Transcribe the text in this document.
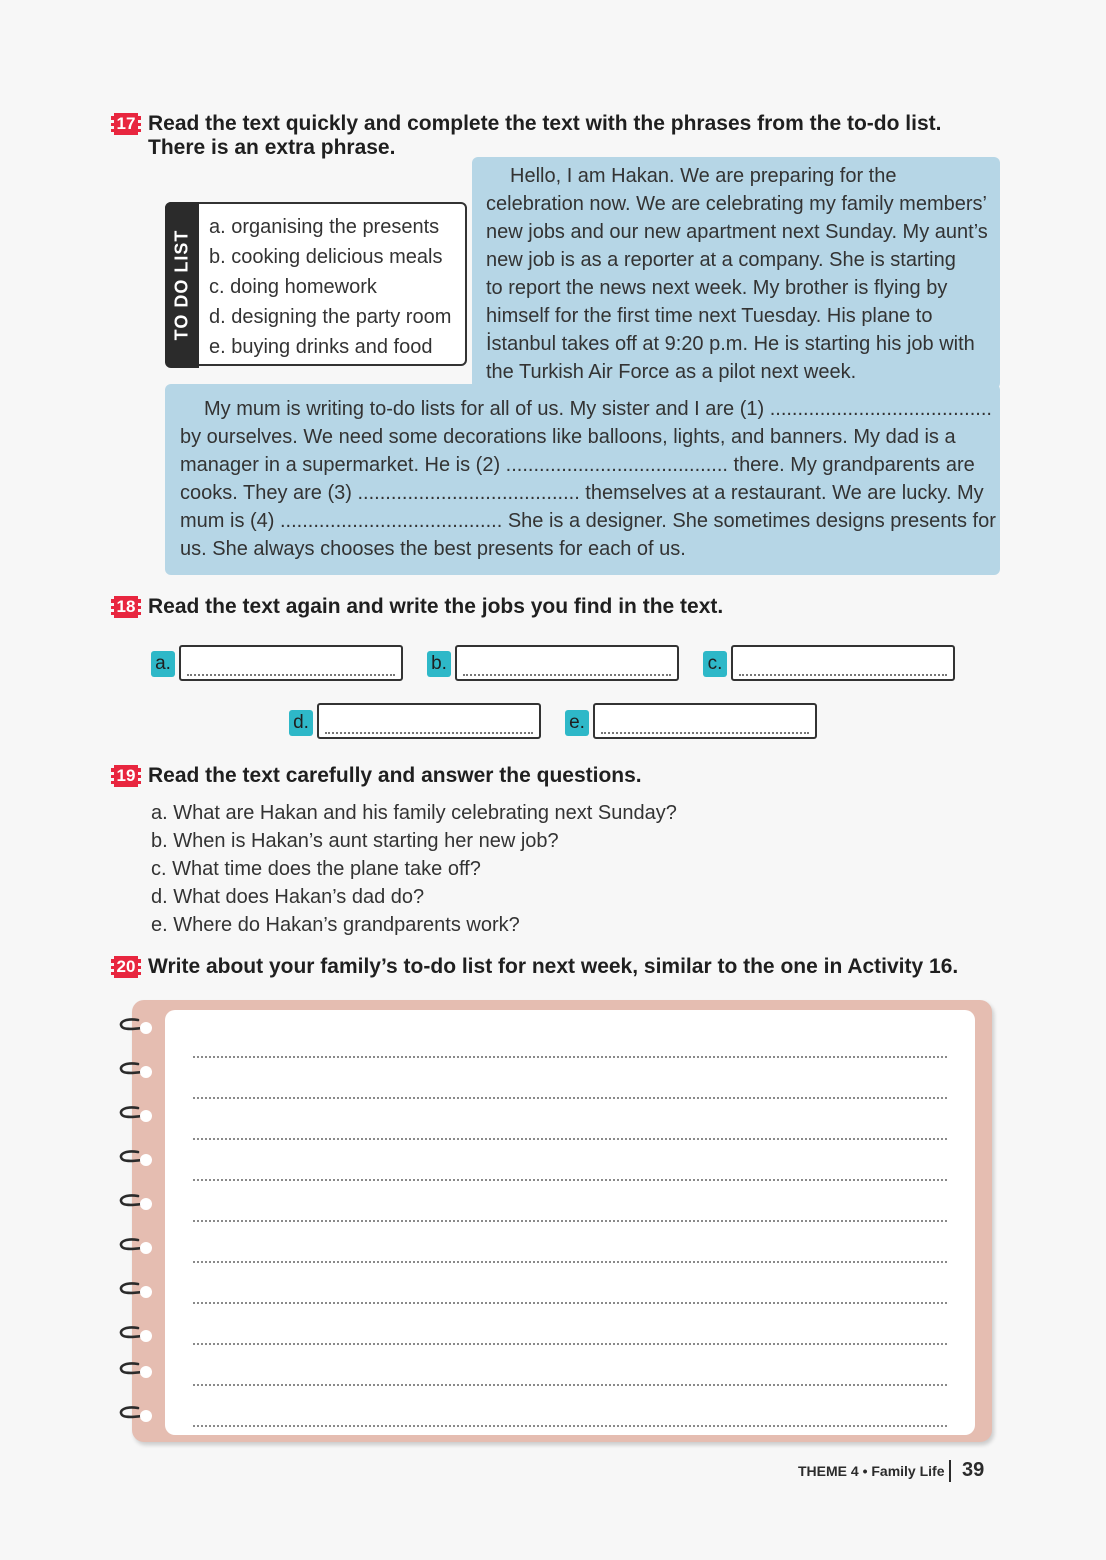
17 Read the text quickly and complete the text with the phrases from the to-do list.
There is an extra phrase.
Hello, I am Hakan. We are preparing for the
celebration now. We are celebrating my family members’
new jobs and our new apartment next Sunday. My aunt’s
new job is as a reporter at a company. She is starting
to report the news next week. My brother is flying by
himself for the first time next Tuesday. His plane to
İstanbul takes off at 9:20 p.m. He is starting his job with
the Turkish Air Force as a pilot next week.
My mum is writing to-do lists for all of us. My sister and I are (1) ........................................
by ourselves. We need some decorations like balloons, lights, and banners. My dad is a
manager in a supermarket. He is (2) ........................................ there. My grandparents are
cooks. They are (3) ........................................ themselves at a restaurant. We are lucky. My
mum is (4) ........................................ She is a designer. She sometimes designs presents for
us. She always chooses the best presents for each of us.
TO DO LIST
a. organising the presents
b. cooking delicious meals
c. doing homework
d. designing the party room
e. buying drinks and food
18 Read the text again and write the jobs you find in the text.
a.	b.	c.
d.	e.
19 Read the text carefully and answer the questions.
a. What are Hakan and his family celebrating next Sunday?
b. When is Hakan’s aunt starting her new job?
c. What time does the plane take off?
d. What does Hakan’s dad do?
e. Where do Hakan’s grandparents work?
20 Write about your family’s to-do list for next week, similar to the one in Activity 16.
THEME 4 • Family Life 39
